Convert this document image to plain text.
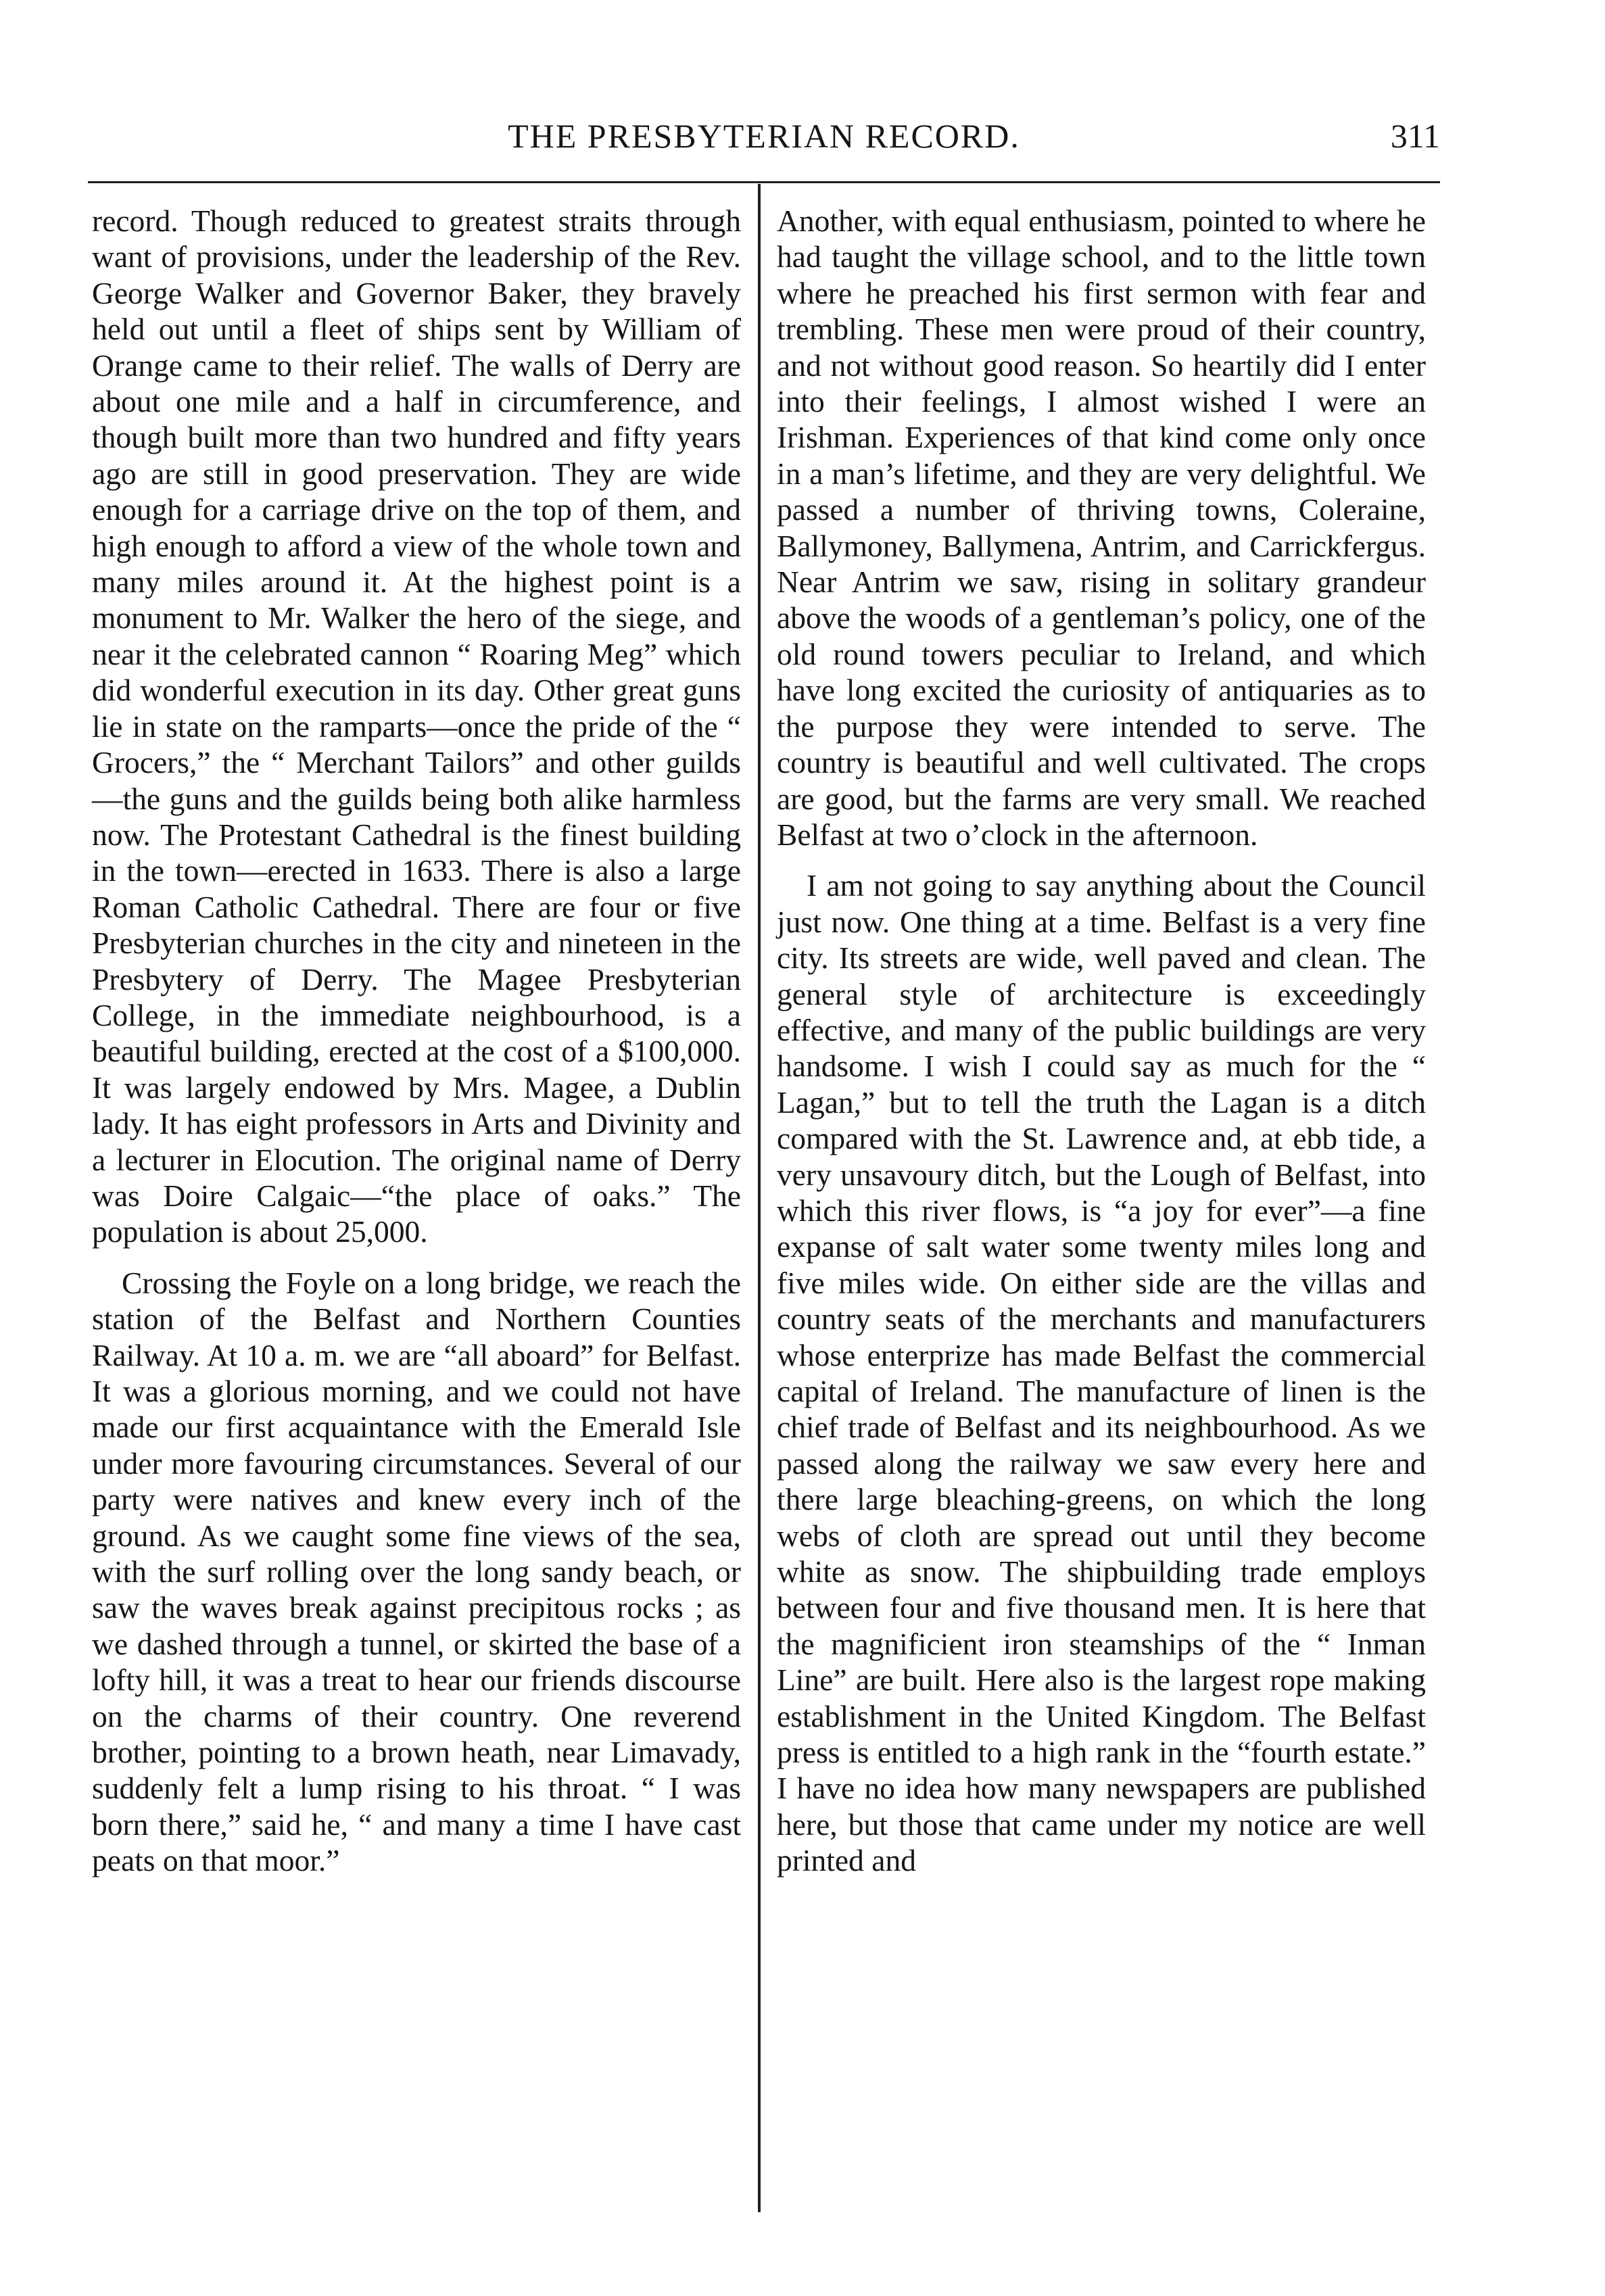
THE PRESBYTERIAN RECORD.	311

record. Though reduced to greatest straits through want of provisions, under the leadership of the Rev. George Walker and Governor Baker, they bravely held out until a fleet of ships sent by William of Orange came to their relief. The walls of Derry are about one mile and a half in circumference, and though built more than two hundred and fifty years ago are still in good preservation. They are wide enough for a carriage drive on the top of them, and high enough to afford a view of the whole town and many miles around it. At the highest point is a monument to Mr. Walker the hero of the siege, and near it the celebrated cannon “ Roaring Meg” which did wonderful execution in its day. Other great guns lie in state on the ramparts—once the pride of the “ Grocers,” the “ Merchant Tailors” and other guilds—the guns and the guilds being both alike harmless now. The Protestant Cathedral is the finest building in the town—erected in 1633. There is also a large Roman Catholic Cathedral. There are four or five Presbyterian churches in the city and nineteen in the Presbytery of Derry. The Magee Presbyterian College, in the immediate neighbourhood, is a beautiful building, erected at the cost of a $100,000. It was largely endowed by Mrs. Magee, a Dublin lady. It has eight professors in Arts and Divinity and a lecturer in Elocution. The original name of Derry was Doire Calgaic—“the place of oaks.” The population is about 25,000.

Crossing the Foyle on a long bridge, we reach the station of the Belfast and Northern Counties Railway. At 10 a. m. we are “all aboard” for Belfast. It was a glorious morning, and we could not have made our first acquaintance with the Emerald Isle under more favouring circumstances. Several of our party were natives and knew every inch of the ground. As we caught some fine views of the sea, with the surf rolling over the long sandy beach, or saw the waves break against precipitous rocks ; as we dashed through a tunnel, or skirted the base of a lofty hill, it was a treat to hear our friends discourse on the charms of their country. One reverend brother, pointing to a brown heath, near Limavady, suddenly felt a lump rising to his throat. “ I was born there,” said he, “ and many a time I have cast peats on that moor.”

Another, with equal enthusiasm, pointed to where he had taught the village school, and to the little town where he preached his first sermon with fear and trembling. These men were proud of their country, and not without good reason. So heartily did I enter into their feelings, I almost wished I were an Irishman. Experiences of that kind come only once in a man’s lifetime, and they are very delightful. We passed a number of thriving towns, Coleraine, Ballymoney, Ballymena, Antrim, and Carrickfergus. Near Antrim we saw, rising in solitary grandeur above the woods of a gentleman’s policy, one of the old round towers peculiar to Ireland, and which have long excited the curiosity of antiquaries as to the purpose they were intended to serve. The country is beautiful and well cultivated. The crops are good, but the farms are very small. We reached Belfast at two o’clock in the afternoon.

I am not going to say anything about the Council just now. One thing at a time. Belfast is a very fine city. Its streets are wide, well paved and clean. The general style of architecture is exceedingly effective, and many of the public buildings are very handsome. I wish I could say as much for the “ Lagan,” but to tell the truth the Lagan is a ditch compared with the St. Lawrence and, at ebb tide, a very unsavoury ditch, but the Lough of Belfast, into which this river flows, is “a joy for ever”—a fine expanse of salt water some twenty miles long and five miles wide. On either side are the villas and country seats of the merchants and manufacturers whose enterprize has made Belfast the commercial capital of Ireland. The manufacture of linen is the chief trade of Belfast and its neighbourhood. As we passed along the railway we saw every here and there large bleaching-greens, on which the long webs of cloth are spread out until they become white as snow. The shipbuilding trade employs between four and five thousand men. It is here that the magnificient iron steamships of the “ Inman Line” are built. Here also is the largest rope making establishment in the United Kingdom. The Belfast press is entitled to a high rank in the “fourth estate.” I have no idea how many newspapers are published here, but those that came under my notice are well printed and
